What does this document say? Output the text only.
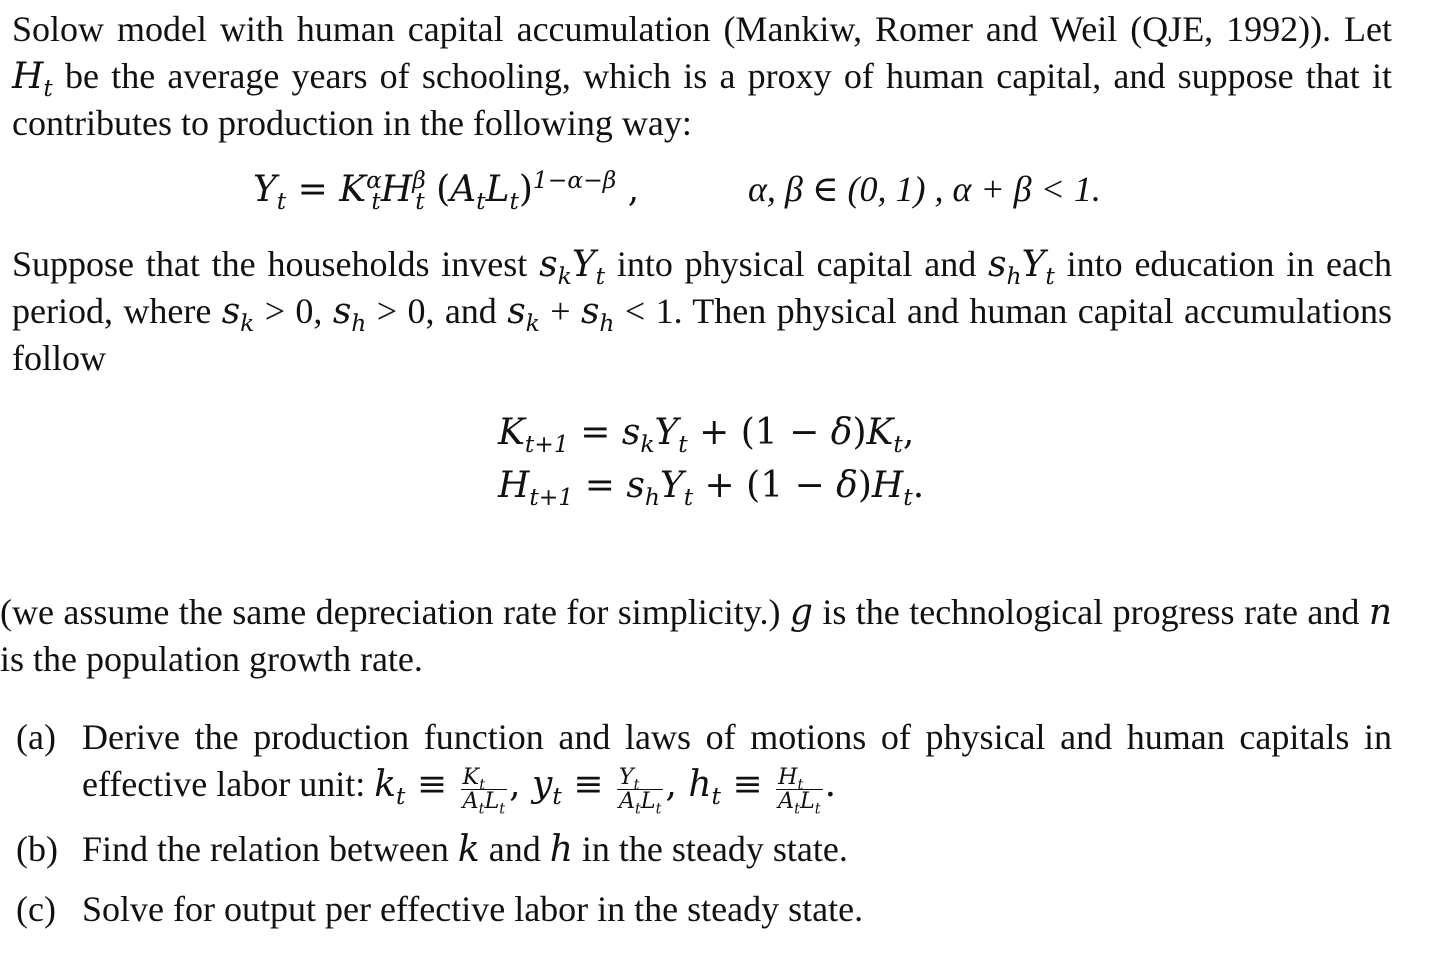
Solow model with human capital accumulation (Mankiw, Romer and Weil (QJE, 1992)). Let $H_t$ be the average years of schooling, which is a proxy of human capital, and suppose that it contributes to production in the following way:
$Y_t = K^\alpha_tH^\beta_t$ $(A_tL_t)^{1-\alpha-\beta}$ ,	α, β ∈ (0, 1) , α + β < 1.
Suppose that the households invest $s_kY_t$ into physical capital and $s_hY_t$ into education in each period, where $s_k > 0$, $s_h > 0$, and $s_k + s_h < 1$. Then physical and human capital accumulations follow
$K_{t+1} = s_kY_t + (1 - \delta)K_t$,
$H_{t+1} = s_hY_t + (1 - \delta)H_t$.
(we assume the same depreciation rate for simplicity.) g is the technological progress rate and n is the population growth rate.
(a) Derive the production function and laws of motions of physical and human capitals in effective labor unit: $k_t \equiv \frac{K_t}{A_tL_t}$ , $y_t \equiv \frac{Y_t}{A_tL_t}$ , $h_t \equiv \frac{H_t}{A_tL_t}$ .
(b) Find the relation between k and h in the steady state.
(c) Solve for output per effective labor in the steady state.
